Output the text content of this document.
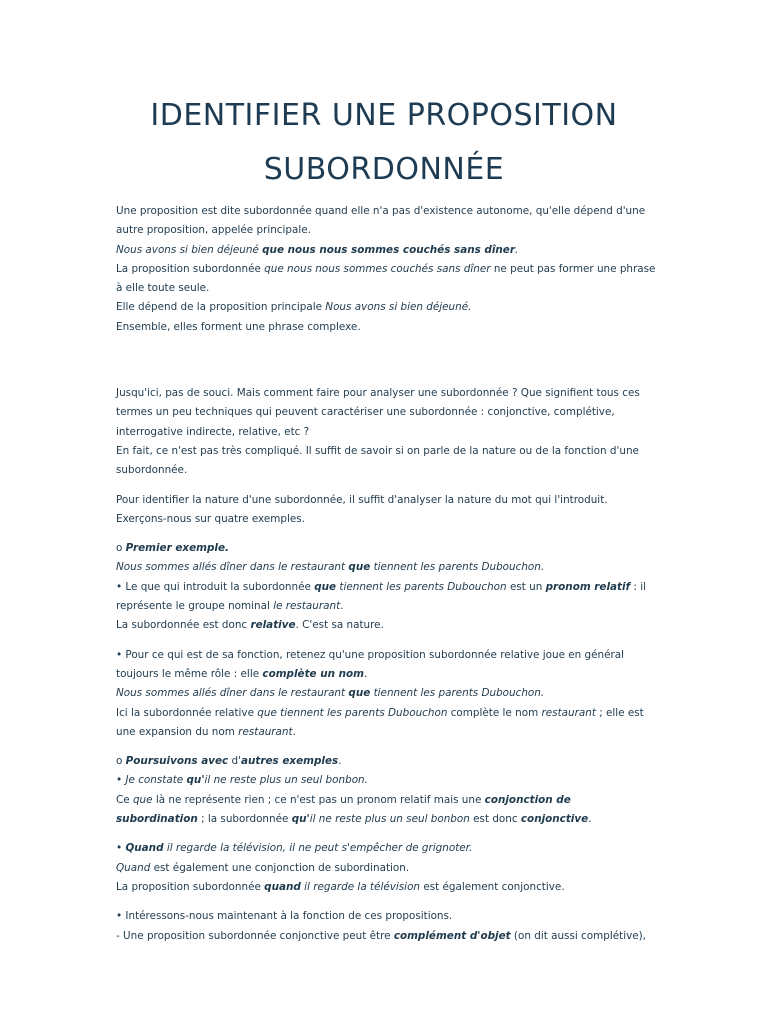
IDENTIFIER UNE PROPOSITION
SUBORDONNÉE

Une proposition est dite subordonnée quand elle n'a pas d'existence autonome, qu'elle dépend d'une autre proposition, appelée principale.

Nous avons si bien déjeuné que nous nous sommes couchés sans dîner.

La proposition subordonnée que nous nous sommes couchés sans dîner ne peut pas former une phrase à elle toute seule.

Elle dépend de la proposition principale Nous avons si bien déjeuné.

Ensemble, elles forment une phrase complexe.

Jusqu'ici, pas de souci. Mais comment faire pour analyser une subordonnée ? Que signifient tous ces termes un peu techniques qui peuvent caractériser une subordonnée : conjonctive, complétive, interrogative indirecte, relative, etc ?

En fait, ce n'est pas très compliqué. Il suffit de savoir si on parle de la nature ou de la fonction d'une subordonnée.

Pour identifier la nature d'une subordonnée, il suffit d'analyser la nature du mot qui l'introduit. Exerçons-nous sur quatre exemples.

o Premier exemple.

Nous sommes allés dîner dans le restaurant que tiennent les parents Dubouchon.

• Le que qui introduit la subordonnée que tiennent les parents Dubouchon est un pronom relatif : il représente le groupe nominal le restaurant.

La subordonnée est donc relative. C'est sa nature.

• Pour ce qui est de sa fonction, retenez qu'une proposition subordonnée relative joue en général toujours le même rôle : elle complète un nom.

Nous sommes allés dîner dans le restaurant que tiennent les parents Dubouchon.

Ici la subordonnée relative que tiennent les parents Dubouchon complète le nom restaurant ; elle est une expansion du nom restaurant.

o Poursuivons avec d'autres exemples.

• Je constate qu'il ne reste plus un seul bonbon.

Ce que là ne représente rien ; ce n'est pas un pronom relatif mais une conjonction de subordination ; la subordonnée qu'il ne reste plus un seul bonbon est donc conjonctive.

• Quand il regarde la télévision, il ne peut s'empêcher de grignoter.

Quand est également une conjonction de subordination.

La proposition subordonnée quand il regarde la télévision est également conjonctive.

• Intéressons-nous maintenant à la fonction de ces propositions.

- Une proposition subordonnée conjonctive peut être complément d'objet (on dit aussi complétive),
